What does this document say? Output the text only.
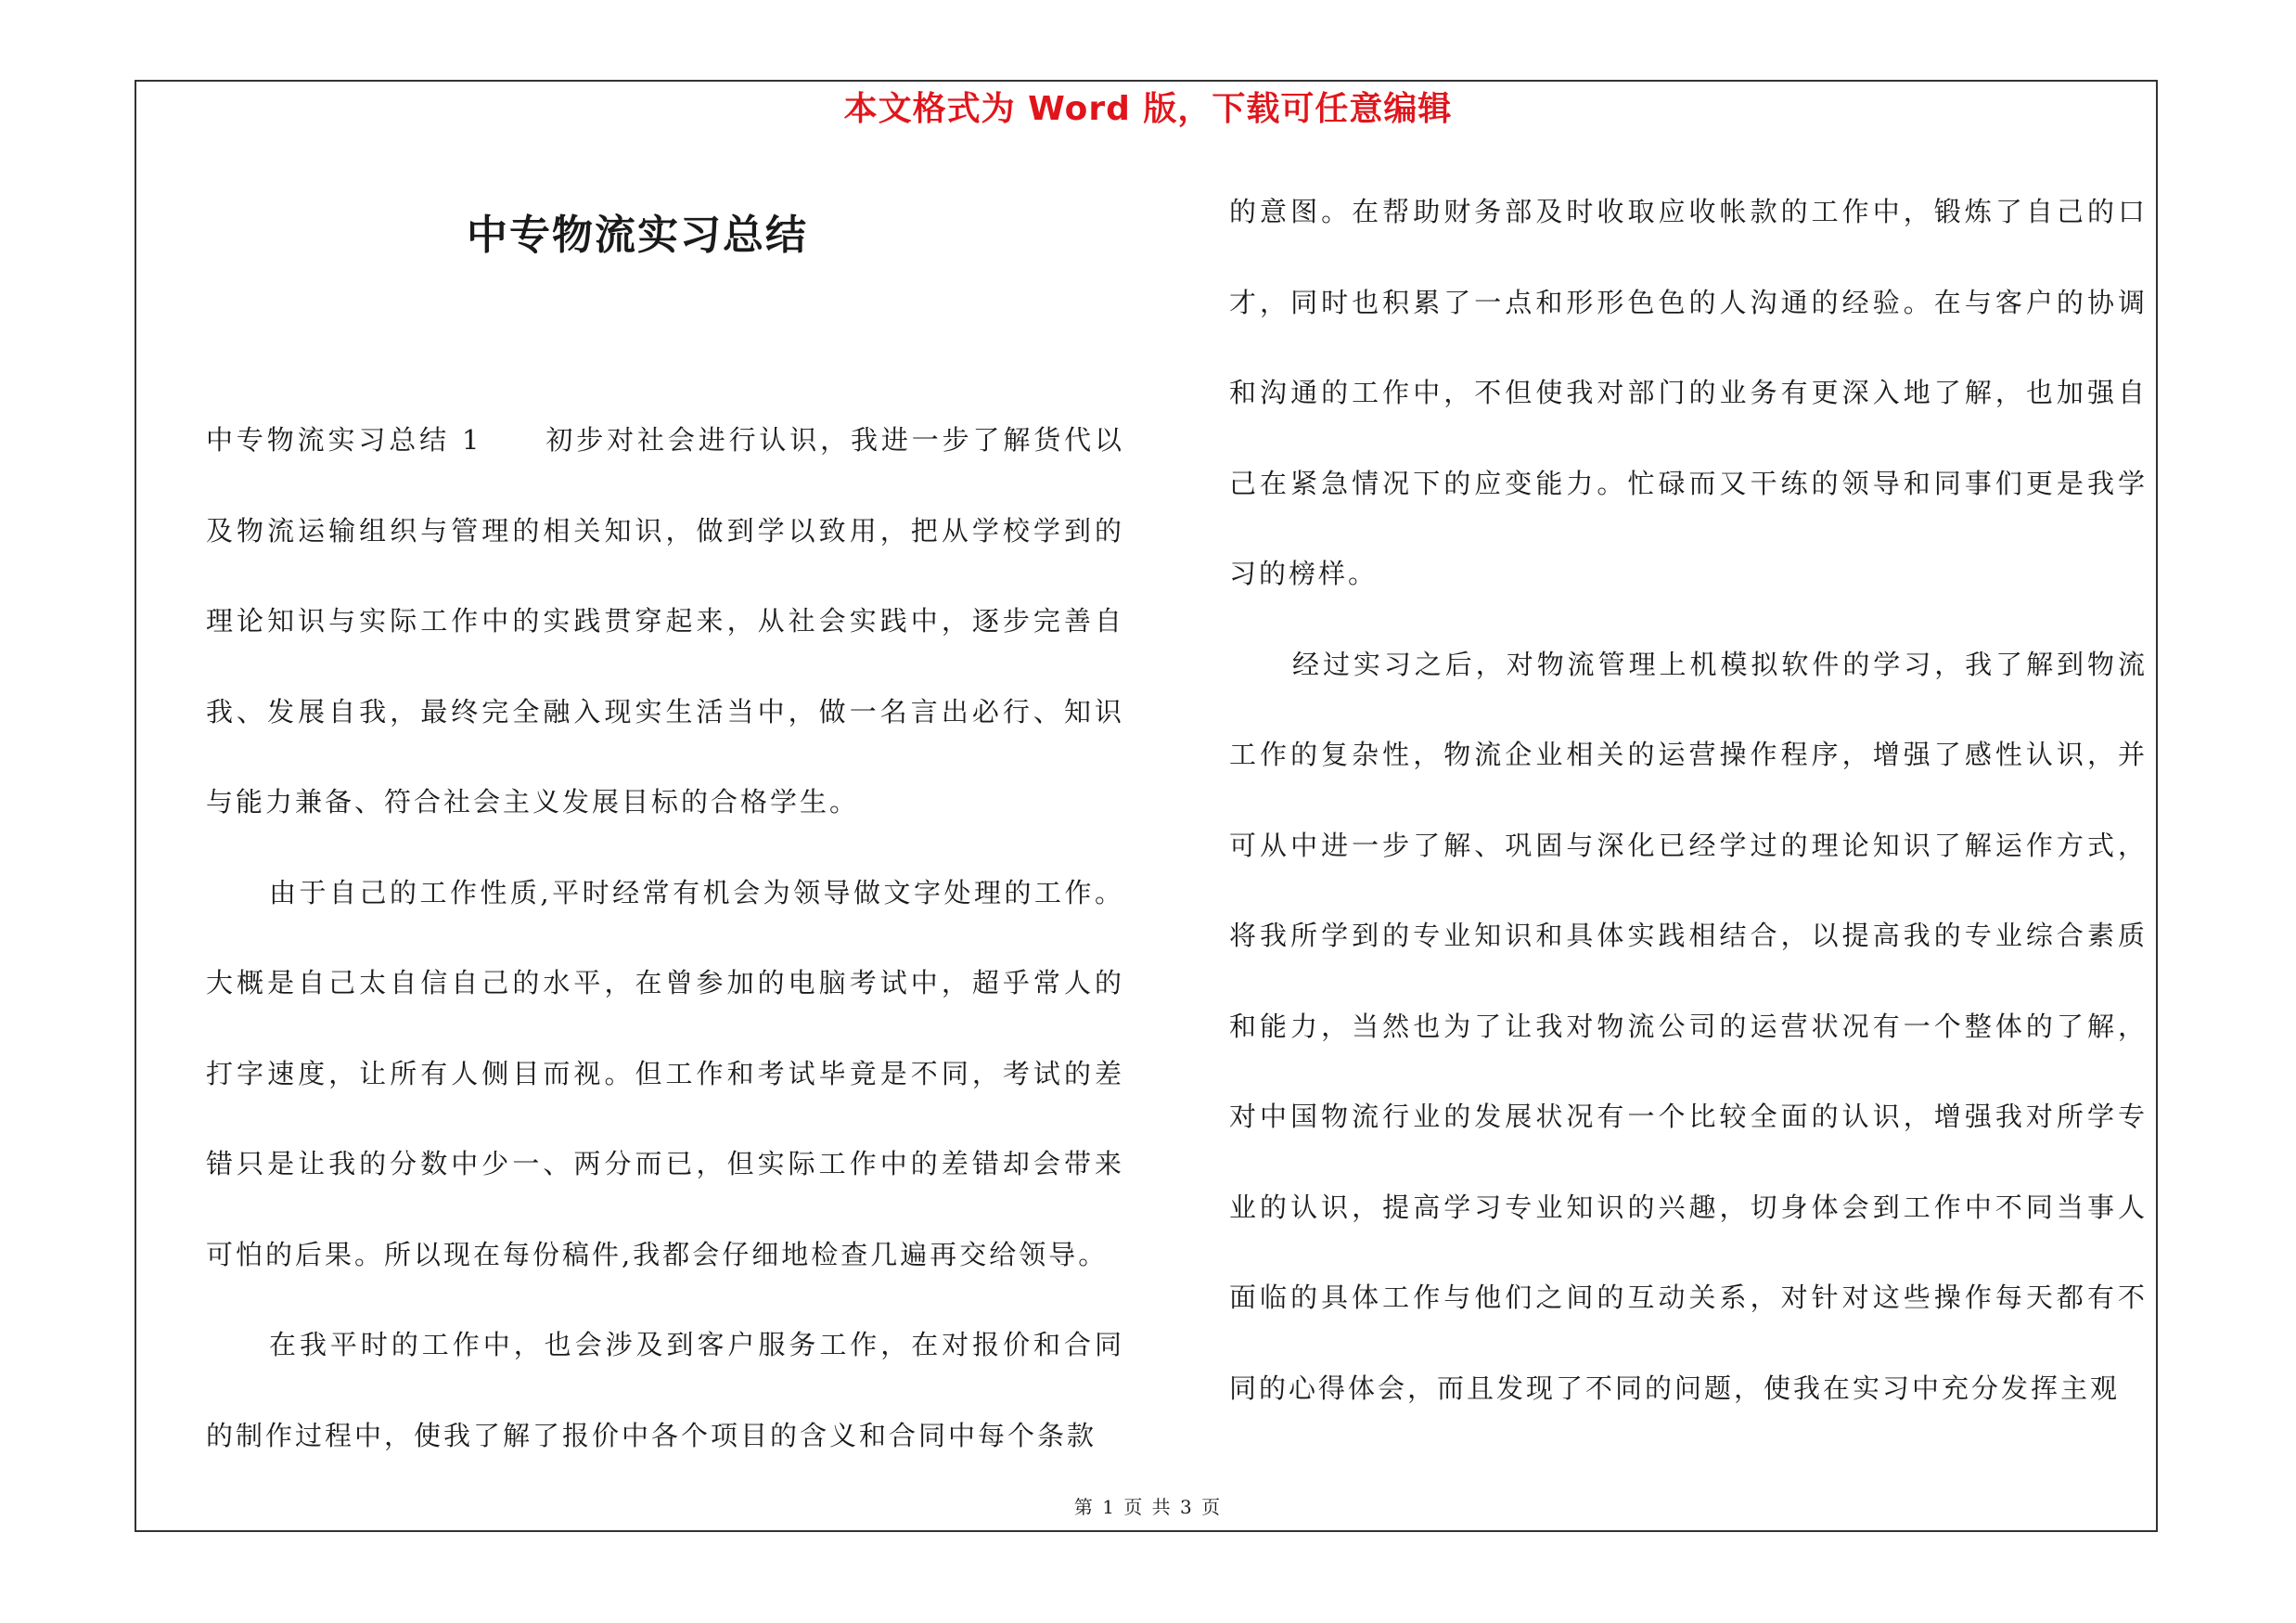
本文格式为 Word 版，下载可任意编辑
中专物流实习总结

中专物流实习总结 1 初步对社会进行认识，我进一步了解货代以及物流运输组织与管理的相关知识，做到学以致用，把从学校学到的理论知识与实际工作中的实践贯穿起来，从社会实践中，逐步完善自我、发展自我，最终完全融入现实生活当中，做一名言出必行、知识与能力兼备、符合社会主义发展目标的合格学生。

由于自己的工作性质,平时经常有机会为领导做文字处理的工作。大概是自己太自信自己的水平，在曾参加的电脑考试中，超乎常人的打字速度，让所有人侧目而视。但工作和考试毕竟是不同，考试的差错只是让我的分数中少一、两分而已，但实际工作中的差错却会带来可怕的后果。所以现在每份稿件,我都会仔细地检查几遍再交给领导。

在我平时的工作中，也会涉及到客户服务工作，在对报价和合同的制作过程中，使我了解了报价中各个项目的含义和合同中每个条款

的意图。在帮助财务部及时收取应收帐款的工作中，锻炼了自己的口才，同时也积累了一点和形形色色的人沟通的经验。在与客户的协调和沟通的工作中，不但使我对部门的业务有更深入地了解，也加强自己在紧急情况下的应变能力。忙碌而又干练的领导和同事们更是我学习的榜样。

经过实习之后，对物流管理上机模拟软件的学习，我了解到物流工作的复杂性，物流企业相关的运营操作程序，增强了感性认识，并可从中进一步了解、巩固与深化已经学过的理论知识了解运作方式，将我所学到的专业知识和具体实践相结合，以提高我的专业综合素质和能力，当然也为了让我对物流公司的运营状况有一个整体的了解，对中国物流行业的发展状况有一个比较全面的认识，增强我对所学专业的认识，提高学习专业知识的兴趣，切身体会到工作中不同当事人面临的具体工作与他们之间的互动关系，对针对这些操作每天都有不同的心得体会，而且发现了不同的问题，使我在实习中充分发挥主观

第 1 页 共 3 页
